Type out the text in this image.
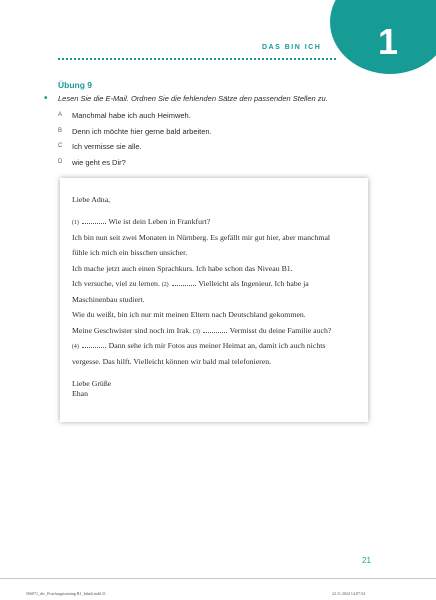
1
DAS BIN ICH
Übung 9
• Lesen Sie die E-Mail. Ordnen Sie die fehlenden Sätze den passenden Stellen zu.
A Manchmal habe ich auch Heimweh.
B Denn ich möchte hier gerne bald arbeiten.
C Ich vermisse sie alle.
D wie geht es Dir?
Liebe Adna,
(1)	Wie ist dein Leben in Frankfurt?
Ich bin nun seit zwei Monaten in Nürnberg. Es gefällt mir gut hier, aber manchmal
fühle ich mich ein bisschen unsicher.
Ich mache jetzt auch einen Sprachkurs. Ich habe schon das Niveau B1.
Ich versuche, viel zu lernen. (2)	Vielleicht als Ingenieur. Ich habe ja
Maschinenbau studiert.
Wie du weißt, bin ich nur mit meinen Eltern nach Deutschland gekommen.
Meine Geschwister sind noch im Irak. (3)	Vermisst du deine Familie auch?
(4)	Dann sehe ich mir Fotos aus meiner Heimat an, damit ich auch nichts
vergesse. Das hilft. Vielleicht können wir bald mal telefonieren.
Liebe Grüße
Ehan
21
566071_dtv_Pruefungstraining B1_Inhalt.indd 21	22.11.2024 14:07:54
